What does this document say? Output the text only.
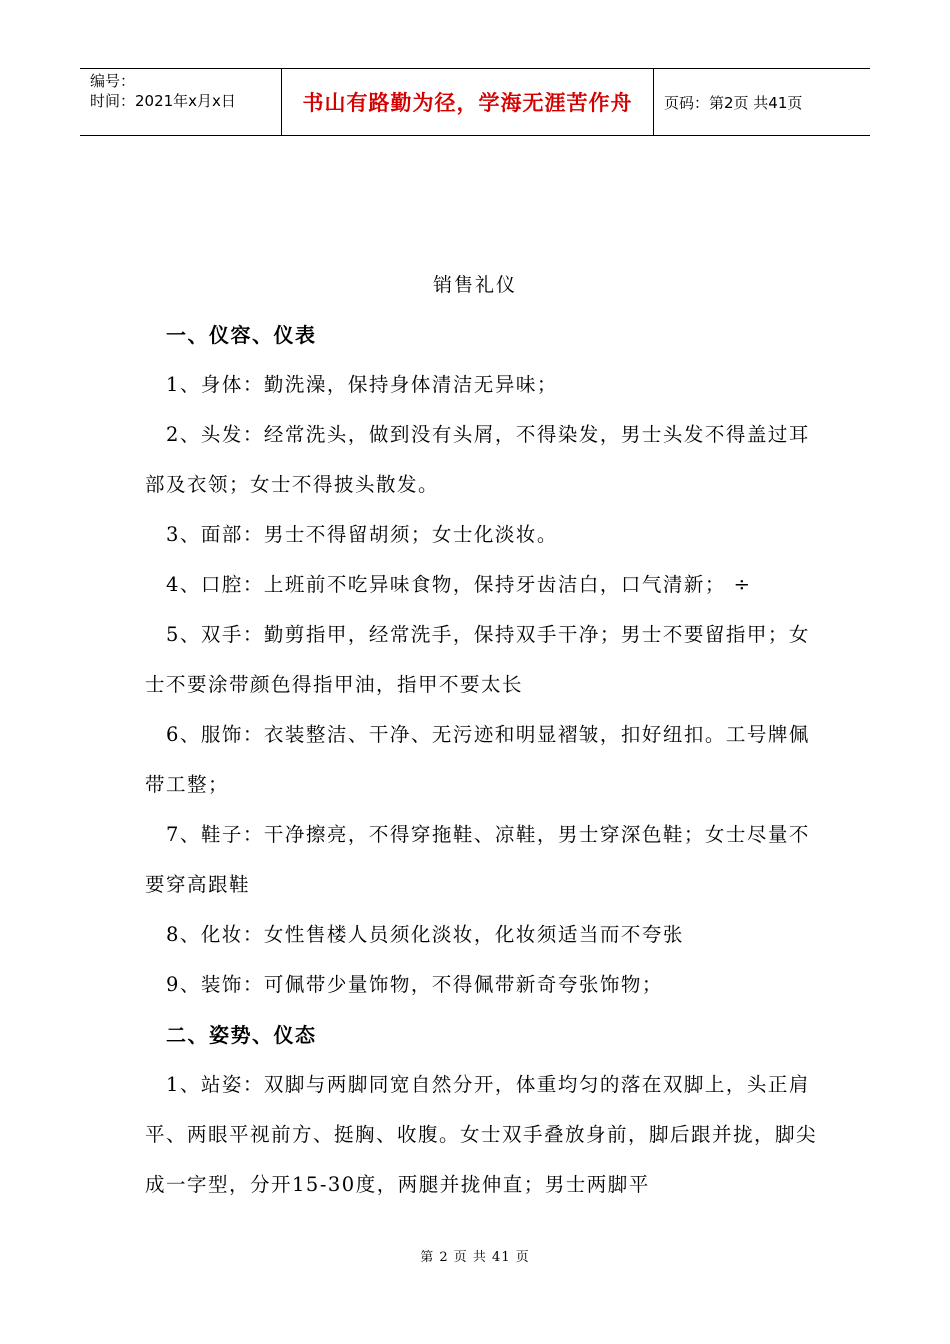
编号：
时间：2021年x月x日	书山有路勤为径，学海无涯苦作舟 页码：第2页 共41页
销售礼仪

一、仪容、仪表

1、身体：勤洗澡，保持身体清洁无异味；

2、头发：经常洗头，做到没有头屑，不得染发，男士头发不得盖过耳部及衣领；女士不得披头散发。

3、面部：男士不得留胡须；女士化淡妆。

4、口腔：上班前不吃异味食物，保持牙齿洁白，口气清新； ÷

5、双手：勤剪指甲，经常洗手，保持双手干净；男士不要留指甲；女士不要涂带颜色得指甲油，指甲不要太长

6、服饰：衣装整洁、干净、无污迹和明显褶皱，扣好纽扣。工号牌佩带工整；

7、鞋子：干净擦亮，不得穿拖鞋、凉鞋，男士穿深色鞋；女士尽量不要穿高跟鞋

8、化妆：女性售楼人员须化淡妆，化妆须适当而不夸张

9、装饰：可佩带少量饰物，不得佩带新奇夸张饰物；

二、姿势、仪态

1、站姿：双脚与两脚同宽自然分开，体重均匀的落在双脚上，头正肩平、两眼平视前方、挺胸、收腹。女士双手叠放身前，脚后跟并拢，脚尖成一字型，分开15-30度，两腿并拢伸直；男士两脚平

第 2 页 共 41 页
